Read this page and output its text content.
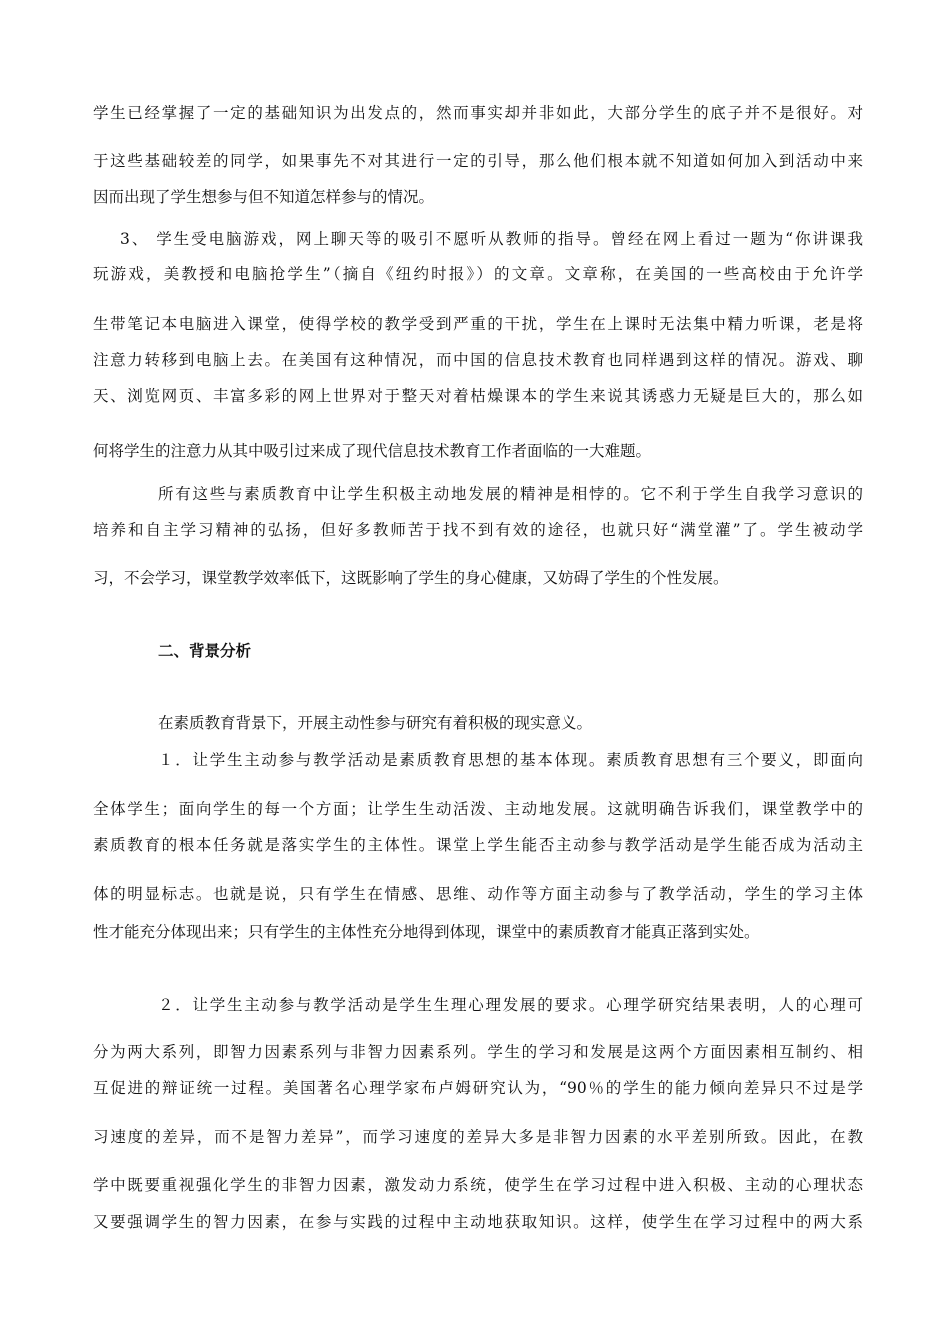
学生已经掌握了一定的基础知识为出发点的，然而事实却并非如此，大部分学生的底子并不是很好。对

于这些基础较差的同学，如果事先不对其进行一定的引导，那么他们根本就不知道如何加入到活动中来

因而出现了学生想参与但不知道怎样参与的情况。

3、 学生受电脑游戏，网上聊天等的吸引不愿听从教师的指导。曾经在网上看过一题为“你讲课我

玩游戏，美教授和电脑抢学生”（摘自《纽约时报》）的文章。文章称，在美国的一些高校由于允许学

生带笔记本电脑进入课堂，使得学校的教学受到严重的干扰，学生在上课时无法集中精力听课，老是将

注意力转移到电脑上去。在美国有这种情况，而中国的信息技术教育也同样遇到这样的情况。游戏、聊

天、浏览网页、丰富多彩的网上世界对于整天对着枯燥课本的学生来说其诱惑力无疑是巨大的，那么如

何将学生的注意力从其中吸引过来成了现代信息技术教育工作者面临的一大难题。

所有这些与素质教育中让学生积极主动地发展的精神是相悖的。它不利于学生自我学习意识的

培养和自主学习精神的弘扬，但好多教师苦于找不到有效的途径，也就只好“满堂灌”了。学生被动学

习，不会学习，课堂教学效率低下，这既影响了学生的身心健康，又妨碍了学生的个性发展。

二、背景分析

在素质教育背景下，开展主动性参与研究有着积极的现实意义。

１．让学生主动参与教学活动是素质教育思想的基本体现。素质教育思想有三个要义，即面向

全体学生；面向学生的每一个方面；让学生生动活泼、主动地发展。这就明确告诉我们，课堂教学中的

素质教育的根本任务就是落实学生的主体性。课堂上学生能否主动参与教学活动是学生能否成为活动主

体的明显标志。也就是说，只有学生在情感、思维、动作等方面主动参与了教学活动，学生的学习主体

性才能充分体现出来；只有学生的主体性充分地得到体现，课堂中的素质教育才能真正落到实处。

２．让学生主动参与教学活动是学生生理心理发展的要求。心理学研究结果表明，人的心理可

分为两大系列，即智力因素系列与非智力因素系列。学生的学习和发展是这两个方面因素相互制约、相

互促进的辩证统一过程。美国著名心理学家布卢姆研究认为，“90％的学生的能力倾向差异只不过是学

习速度的差异，而不是智力差异”，而学习速度的差异大多是非智力因素的水平差别所致。因此，在教

学中既要重视强化学生的非智力因素，激发动力系统，使学生在学习过程中进入积极、主动的心理状态

又要强调学生的智力因素，在参与实践的过程中主动地获取知识。这样，使学生在学习过程中的两大系
